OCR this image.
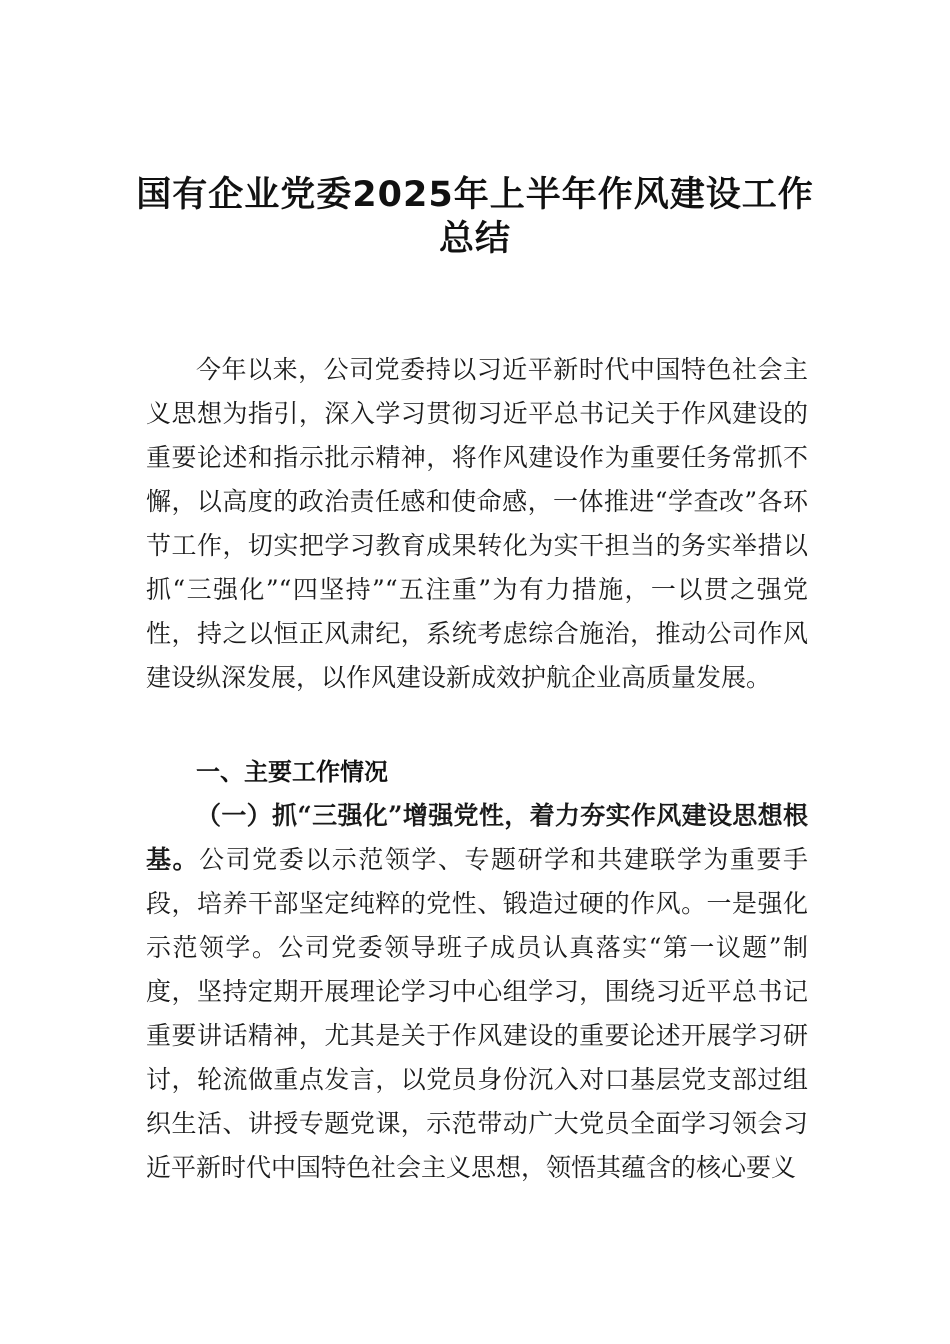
国有企业党委2025年上半年作风建设工作
总结
今年以来，公司党委持以习近平新时代中国特色社会主义思想为指引，深入学习贯彻习近平总书记关于作风建设的重要论述和指示批示精神，将作风建设作为重要任务常抓不懈，以高度的政治责任感和使命感，一体推进“学查改”各环节工作，切实把学习教育成果转化为实干担当的务实举措以抓“三强化”“四坚持”“五注重”为有力措施，一以贯之强党性，持之以恒正风肃纪，系统考虑综合施治，推动公司作风建设纵深发展，以作风建设新成效护航企业高质量发展。
一、主要工作情况
（一）抓“三强化”增强党性，着力夯实作风建设思想根基。公司党委以示范领学、专题研学和共建联学为重要手段，培养干部坚定纯粹的党性、锻造过硬的作风。一是强化示范领学。公司党委领导班子成员认真落实“第一议题”制度，坚持定期开展理论学习中心组学习，围绕习近平总书记重要讲话精神，尤其是关于作风建设的重要论述开展学习研讨，轮流做重点发言，以党员身份沉入对口基层党支部过组织生活、讲授专题党课，示范带动广大党员全面学习领会习近平新时代中国特色社会主义思想，领悟其蕴含的核心要义
